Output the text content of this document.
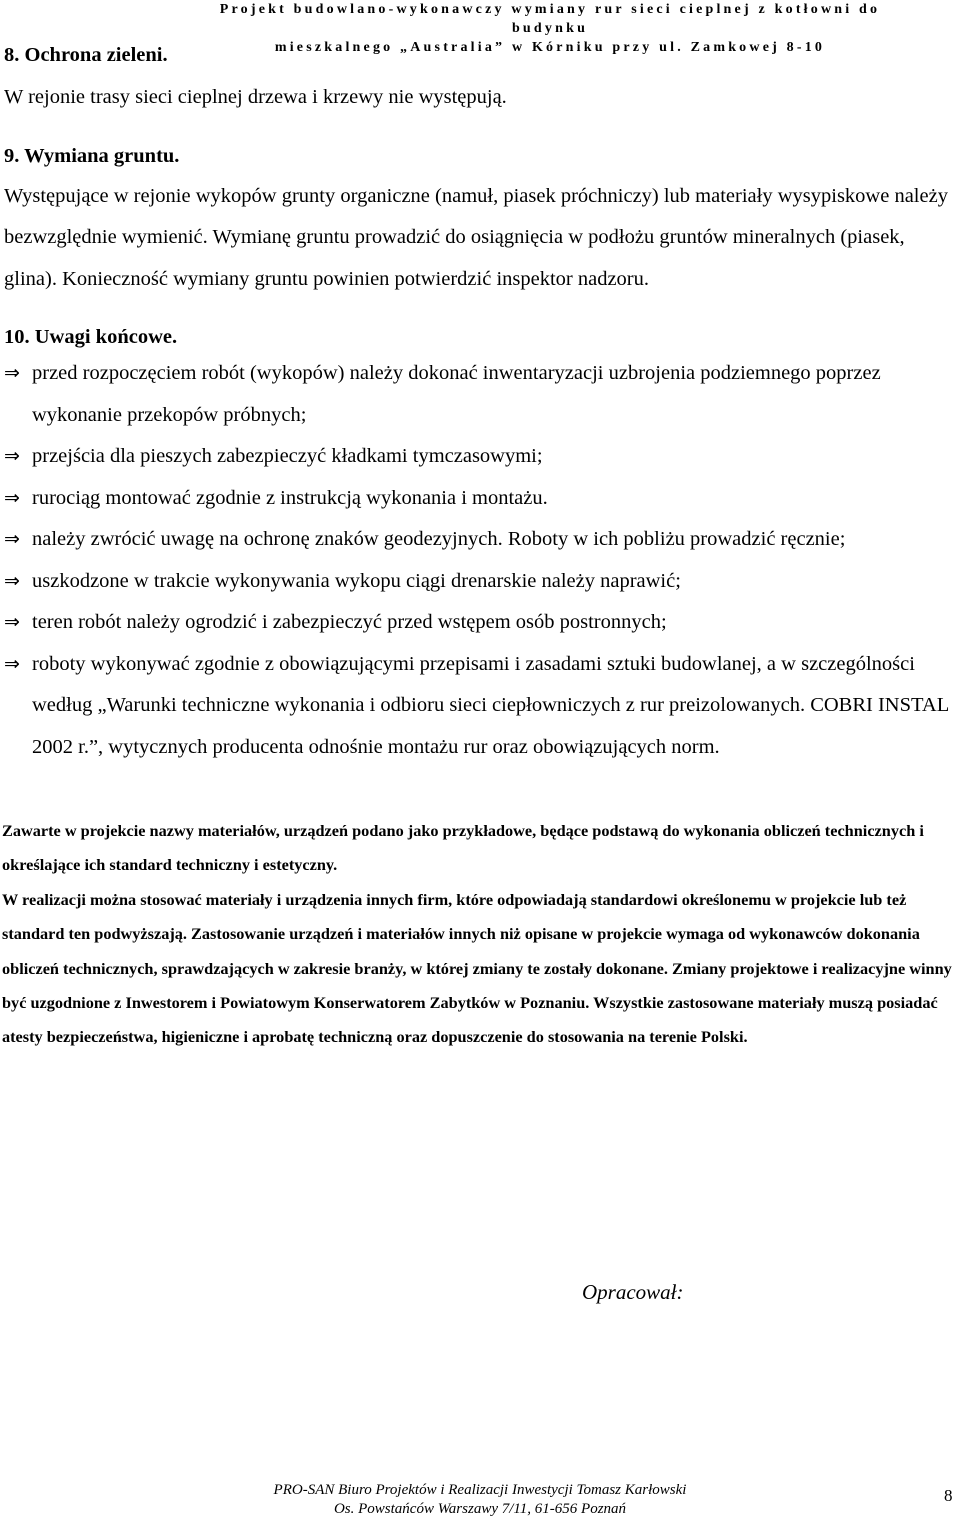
Projekt budowlano-wykonawczy wymiany rur sieci cieplnej z kotłowni do budynku
mieszkalnego „Australia” w Kórniku przy ul. Zamkowej 8-10

8. Ochrona zieleni.

W rejonie trasy sieci cieplnej drzewa i krzewy nie występują.

9. Wymiana gruntu.

Występujące w rejonie wykopów grunty organiczne (namuł, piasek próchniczy) lub materiały wysypiskowe należy bezwzględnie wymienić. Wymianę gruntu prowadzić do osiągnięcia w podłożu gruntów mineralnych (piasek, glina). Konieczność wymiany gruntu powinien potwierdzić inspektor nadzoru.

10. Uwagi końcowe.

⇒ przed rozpoczęciem robót (wykopów) należy dokonać inwentaryzacji uzbrojenia podziemnego poprzez wykonanie przekopów próbnych;
⇒ przejścia dla pieszych zabezpieczyć kładkami tymczasowymi;
⇒ rurociąg montować zgodnie z instrukcją wykonania i montażu.
⇒ należy zwrócić uwagę na ochronę znaków geodezyjnych. Roboty w ich pobliżu prowadzić ręcznie;
⇒ uszkodzone w trakcie wykonywania wykopu ciągi drenarskie należy naprawić;
⇒ teren robót należy ogrodzić i zabezpieczyć przed wstępem osób postronnych;
⇒ roboty wykonywać zgodnie z obowiązującymi przepisami i zasadami sztuki budowlanej, a w szczególności według „Warunki techniczne wykonania i odbioru sieci ciepłowniczych z rur preizolowanych. COBRI INSTAL 2002 r.”, wytycznych producenta odnośnie montażu rur oraz obowiązujących norm.

Zawarte w projekcie nazwy materiałów, urządzeń podano jako przykładowe, będące podstawą do wykonania obliczeń technicznych i określające ich standard techniczny i estetyczny.

W realizacji można stosować materiały i urządzenia innych firm, które odpowiadają standardowi określonemu w projekcie lub też standard ten podwyższają. Zastosowanie urządzeń i materiałów innych niż opisane w projekcie wymaga od wykonawców dokonania obliczeń technicznych, sprawdzających w zakresie branży, w której zmiany te zostały dokonane. Zmiany projektowe i realizacyjne winny być uzgodnione z Inwestorem i Powiatowym Konserwatorem Zabytków w Poznaniu. Wszystkie zastosowane materiały muszą posiadać atesty bezpieczeństwa, higieniczne i aprobatę techniczną oraz dopuszczenie do stosowania na terenie Polski.

Opracował:
PRO-SAN Biuro Projektów i Realizacji Inwestycji Tomasz Karłowski
Os. Powstańców Warszawy 7/11, 61-656 Poznań
8
